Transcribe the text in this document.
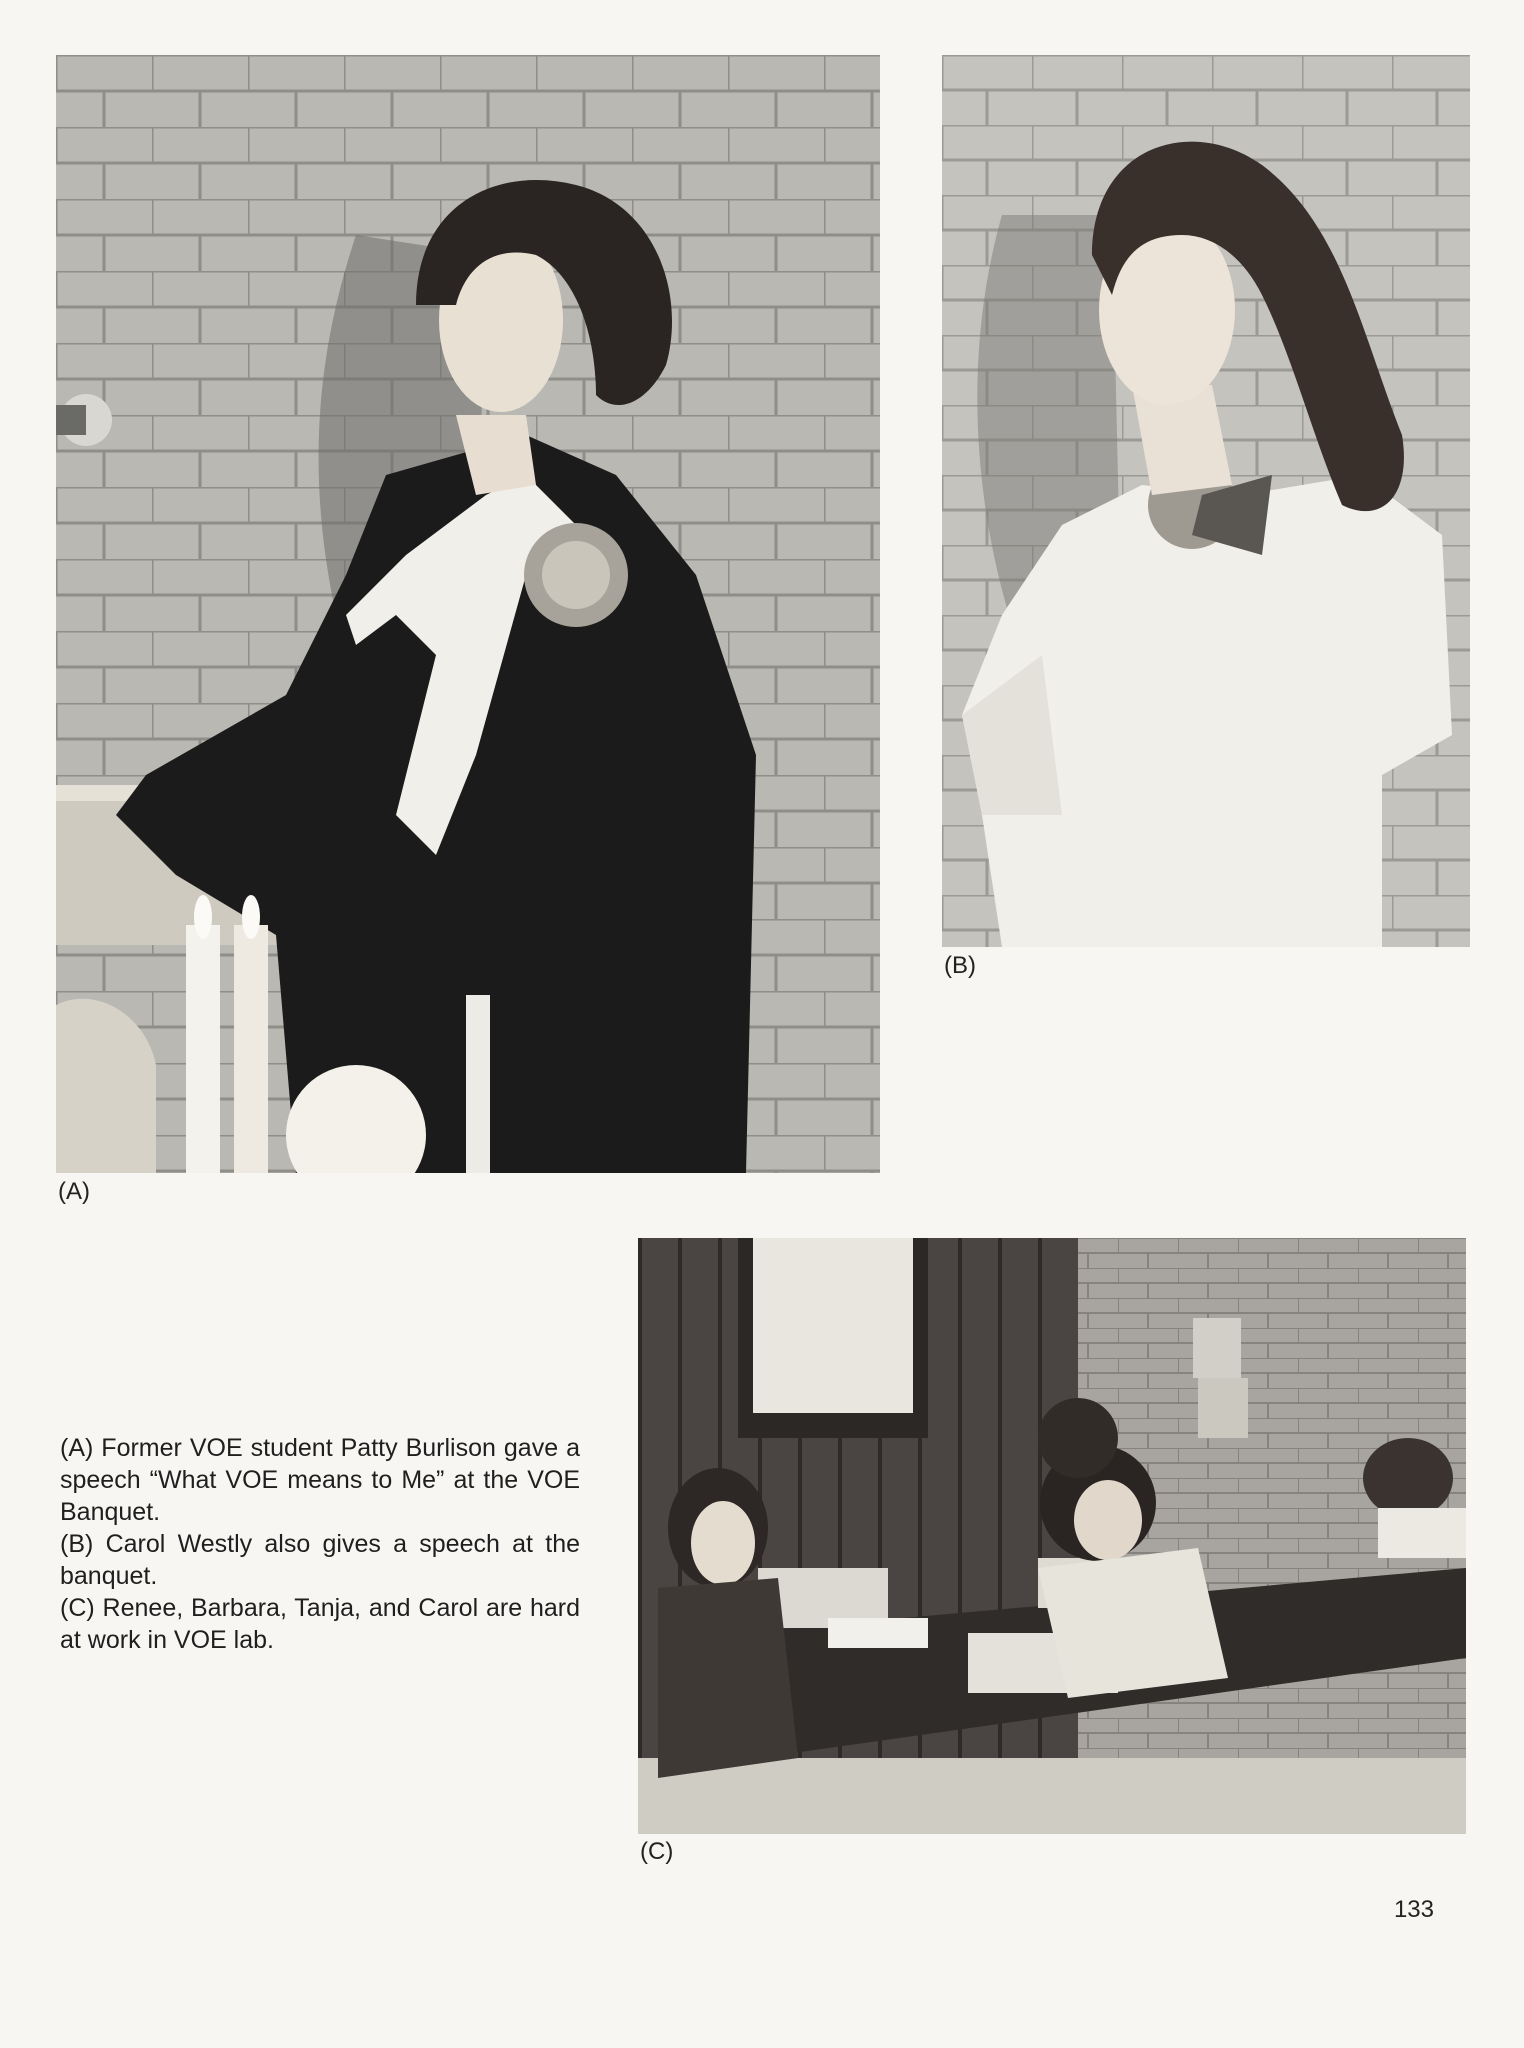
(A)
(B)
(C)

(A) Former VOE student Patty Burlison gave a speech “What VOE means to Me” at the VOE Banquet.

(B) Carol Westly also gives a speech at the banquet.

(C) Renee, Barbara, Tanja, and Carol are hard at work in VOE lab.

133
